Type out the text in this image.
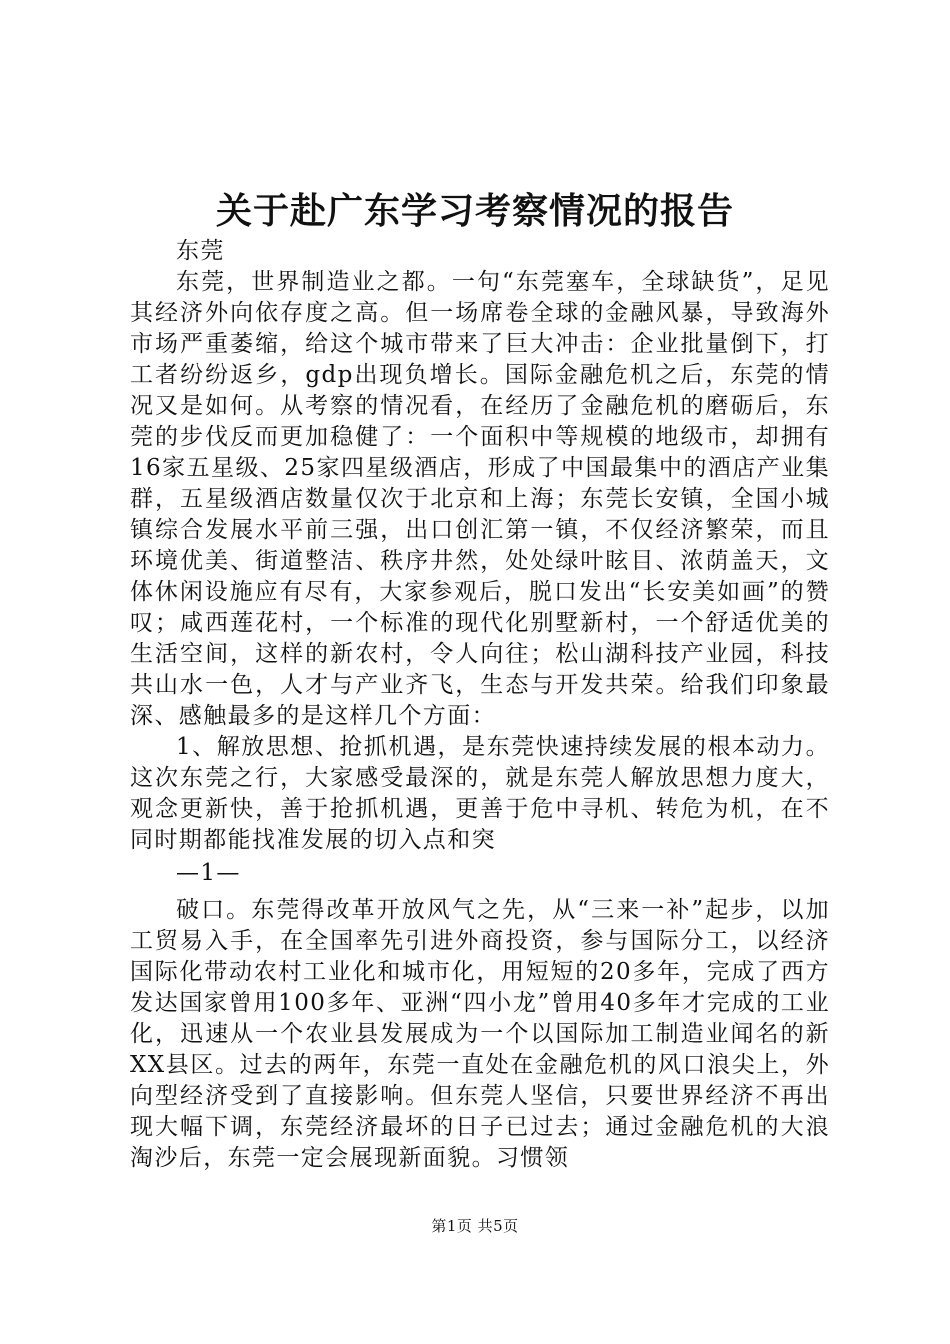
关于赴广东学习考察情况的报告

东莞

东莞，世界制造业之都。一句“东莞塞车，全球缺货”，足见其经济外向依存度之高。但一场席卷全球的金融风暴，导致海外市场严重萎缩，给这个城市带来了巨大冲击：企业批量倒下，打工者纷纷返乡，gdp出现负增长。国际金融危机之后，东莞的情况又是如何。从考察的情况看，在经历了金融危机的磨砺后，东莞的步伐反而更加稳健了：一个面积中等规模的地级市，却拥有16家五星级、25家四星级酒店，形成了中国最集中的酒店产业集群，五星级酒店数量仅次于北京和上海；东莞长安镇，全国小城镇综合发展水平前三强，出口创汇第一镇，不仅经济繁荣，而且环境优美、街道整洁、秩序井然，处处绿叶眩目、浓荫盖天，文体休闲设施应有尽有，大家参观后，脱口发出“长安美如画”的赞叹；咸西莲花村，一个标准的现代化别墅新村，一个舒适优美的生活空间，这样的新农村，令人向往；松山湖科技产业园，科技共山水一色，人才与产业齐飞，生态与开发共荣。给我们印象最深、感触最多的是这样几个方面：

1、解放思想、抢抓机遇，是东莞快速持续发展的根本动力。这次东莞之行，大家感受最深的，就是东莞人解放思想力度大，观念更新快，善于抢抓机遇，更善于危中寻机、转危为机，在不同时期都能找准发展的切入点和突

—1—

破口。东莞得改革开放风气之先，从“三来一补”起步，以加工贸易入手，在全国率先引进外商投资，参与国际分工，以经济国际化带动农村工业化和城市化，用短短的20多年，完成了西方发达国家曾用100多年、亚洲“四小龙”曾用40多年才完成的工业化，迅速从一个农业县发展成为一个以国际加工制造业闻名的新XX县区。过去的两年，东莞一直处在金融危机的风口浪尖上，外向型经济受到了直接影响。但东莞人坚信，只要世界经济不再出现大幅下调，东莞经济最坏的日子已过去；通过金融危机的大浪淘沙后，东莞一定会展现新面貌。习惯领

第1页 共5页
